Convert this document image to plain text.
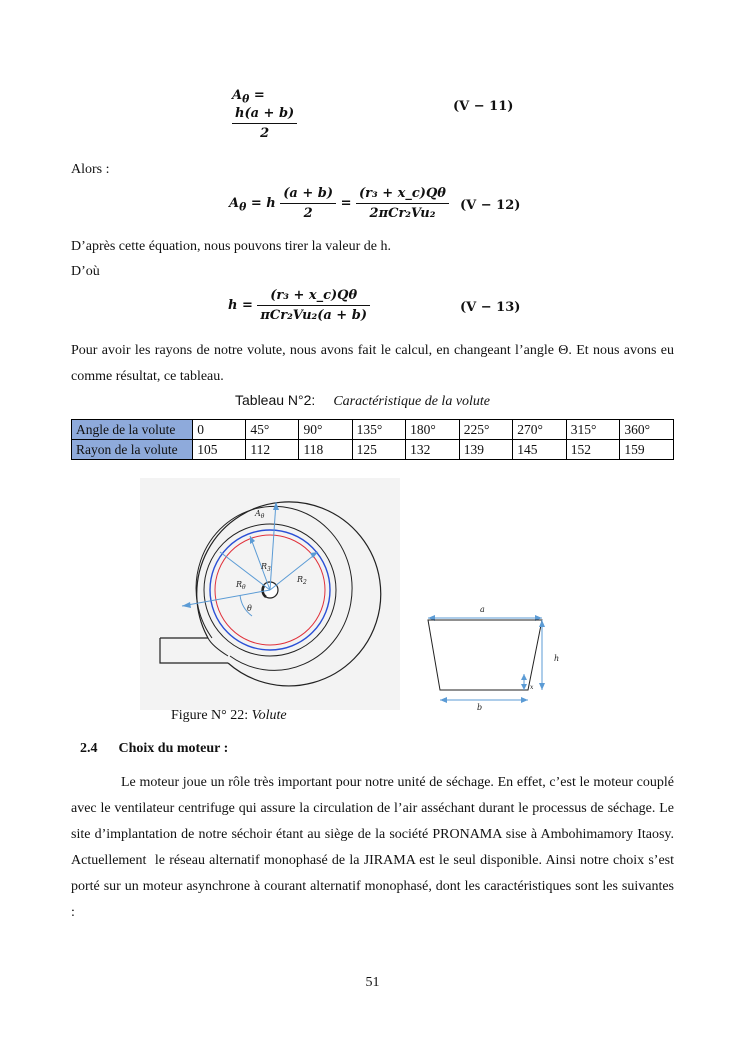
$A_\theta$ =
$\frac{h(a + b)}{2}$	(V − 11)
Alors :
$A_\theta = h \frac{(a + b)}{2} = \frac{\text{(r₃ + x\_c)Qθ}}{\text{2πCr₂Vu₂}} (V - 12)$
D’après cette équation, nous pouvons tirer la valeur de h.
D’où
$h = \frac{\text{(r₃ + x\_c)Qθ}}{\text{πCr₂Vu₂(a + b)}}$	(V − 13)
Pour avoir les rayons de notre volute, nous avons fait le calcul, en changeant l’angle Θ. Et nous avons eu comme résultat, ce tableau.
Tableau N°2: Caractéristique de la volute
Angle de la volute	0	45°	90°	135°	180°	225°	270°	315°	360°
Rayon de la volute	105	112	118	125	132	139	145	152	159
$A_\theta$
$R_3$
$R_2$
$R_\theta$
θ	a
h
x
b
Figure N° 22: Volute
2.4 Choix du moteur :
Le moteur joue un rôle très important pour notre unité de séchage. En effet, c’est le moteur couplé avec le ventilateur centrifuge qui assure la circulation de l’air asséchant durant le processus de séchage. Le site d’implantation de notre séchoir étant au siège de la société PRONAMA sise à Ambohimamory Itaosy. Actuellement  le réseau alternatif monophasé de la JIRAMA est le seul disponible. Ainsi notre choix s’est porté sur un moteur asynchrone à courant alternatif monophasé, dont les caractéristiques sont les suivantes :
51
